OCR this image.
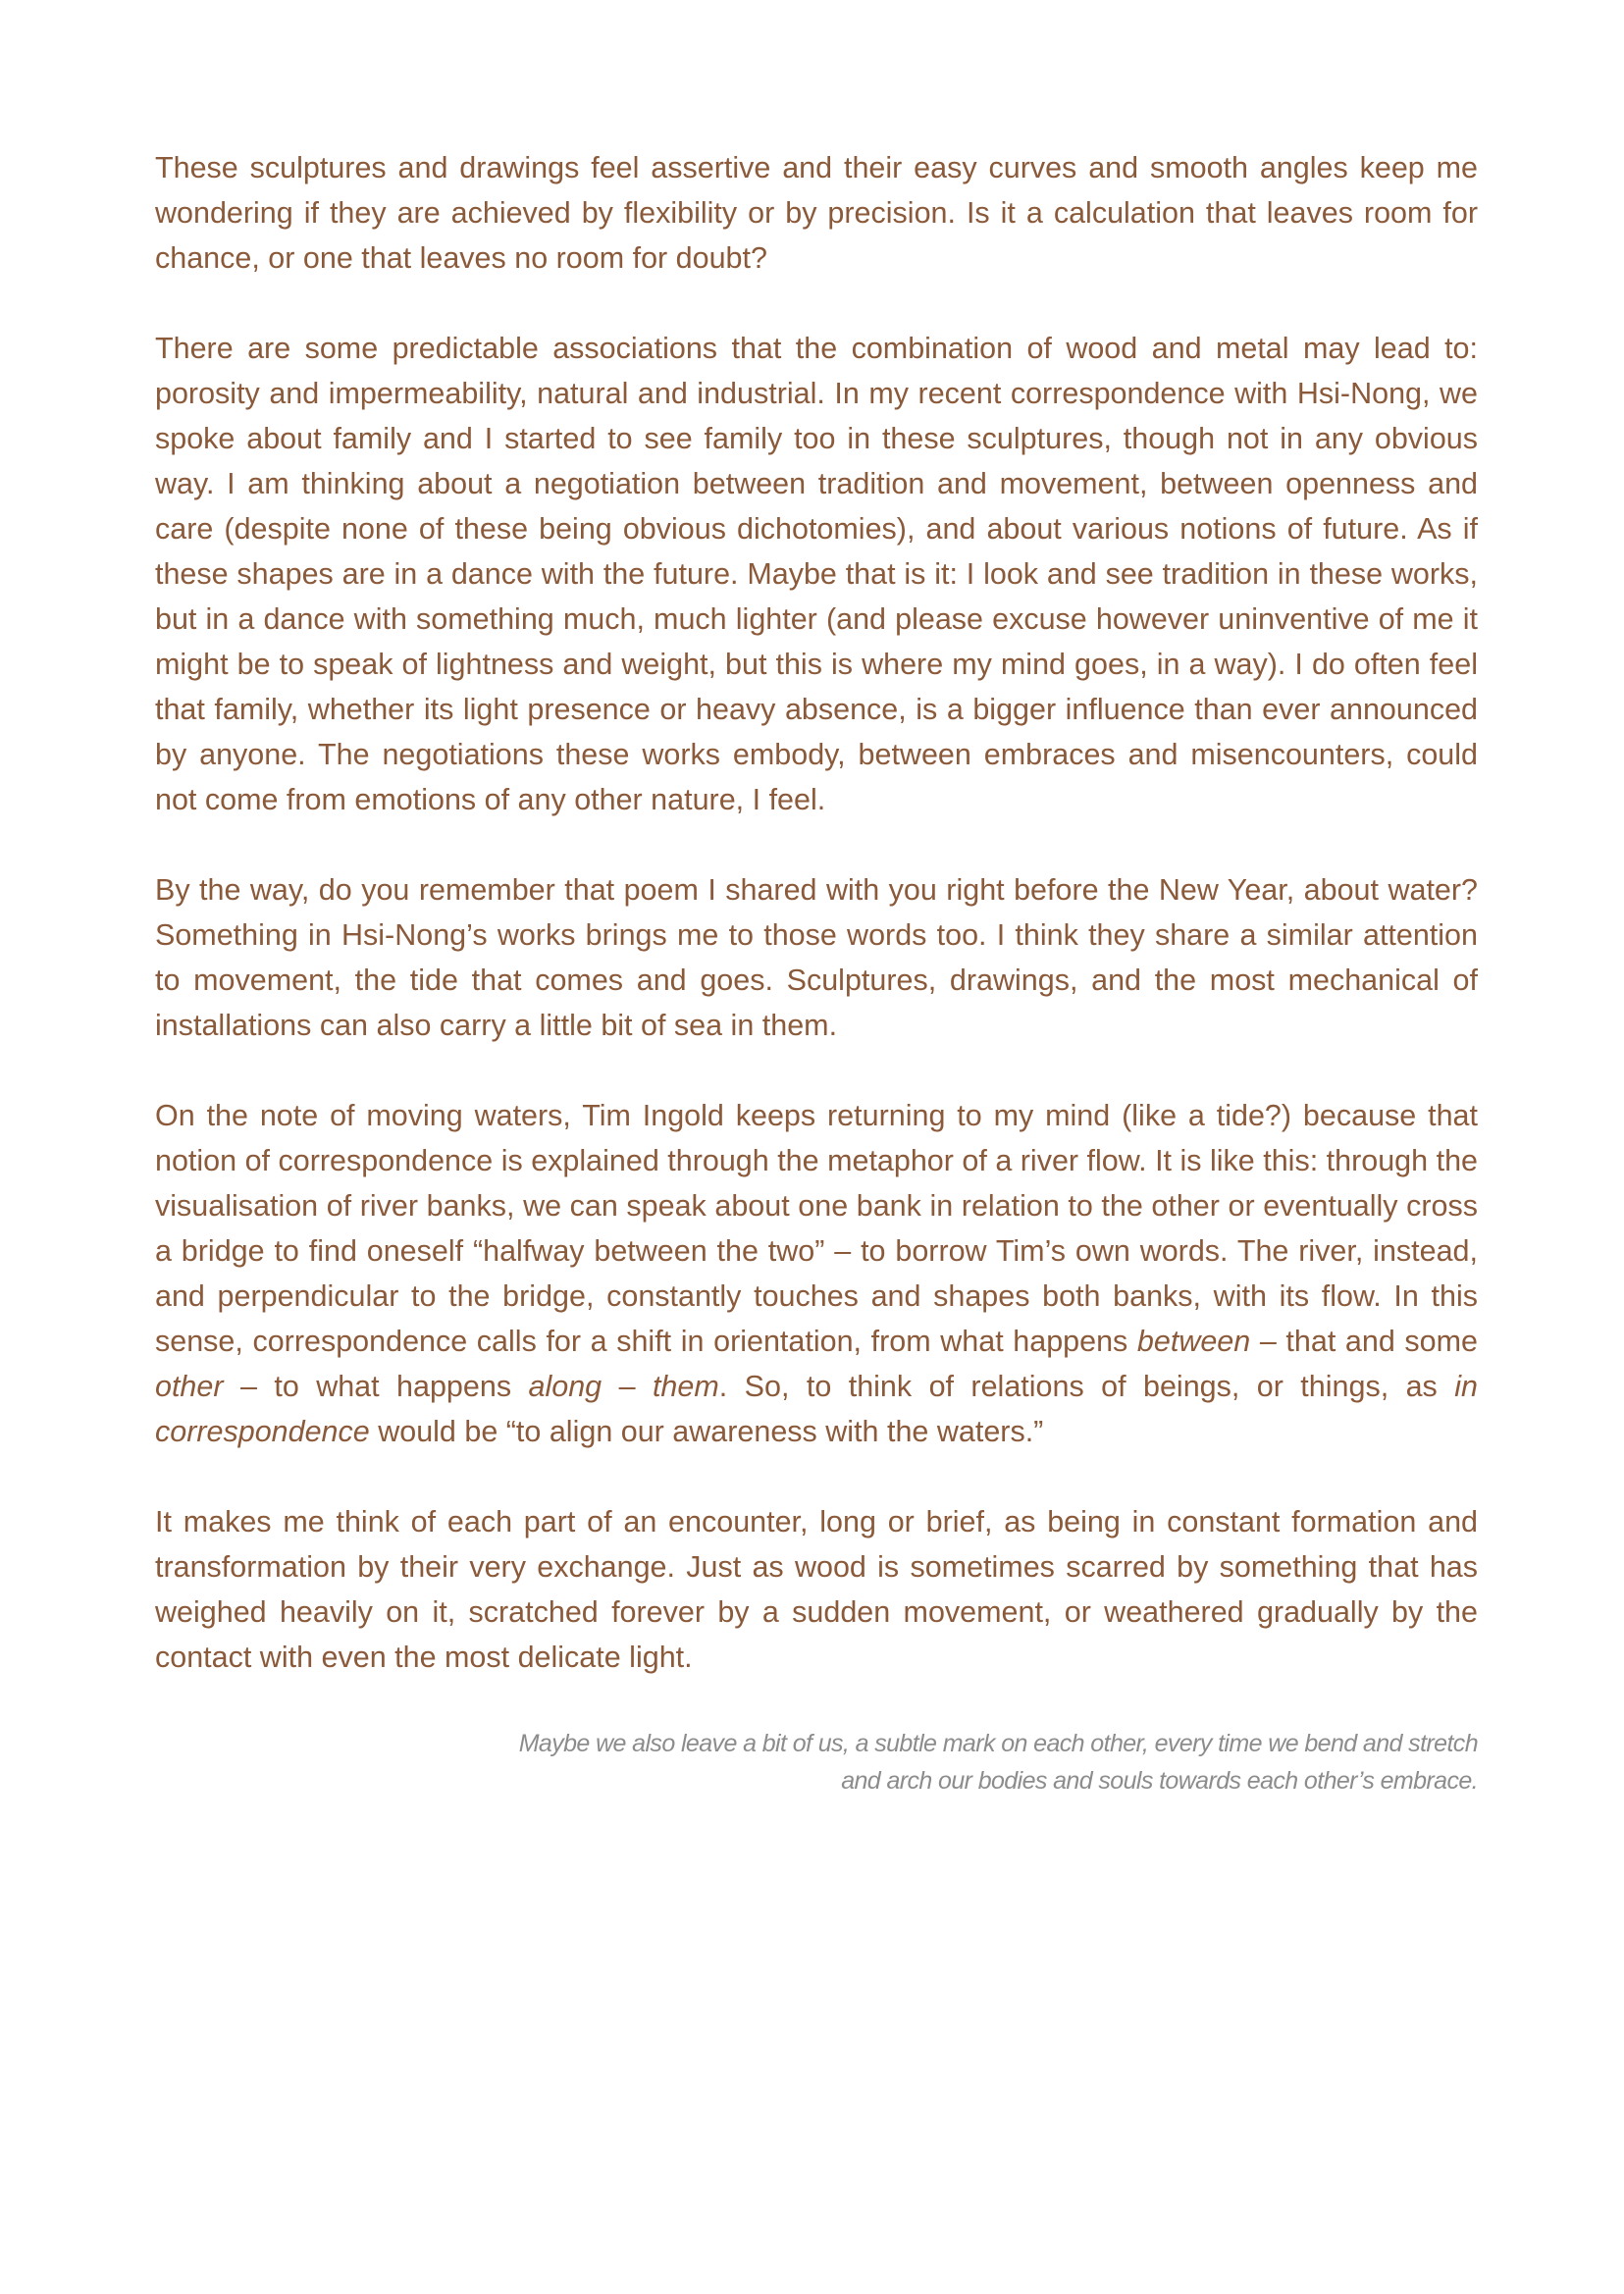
These sculptures and drawings feel assertive and their easy curves and smooth angles keep me wondering if they are achieved by flexibility or by precision. Is it a calculation that leaves room for chance, or one that leaves no room for doubt?

There are some predictable associations that the combination of wood and metal may lead to: porosity and impermeability, natural and industrial. In my recent correspondence with Hsi-Nong, we spoke about family and I started to see family too in these sculptures, though not in any obvious way. I am thinking about a negotiation between tradition and movement, between openness and care (despite none of these being obvious dichotomies), and about various notions of future. As if these shapes are in a dance with the future. Maybe that is it: I look and see tradition in these works, but in a dance with something much, much lighter (and please excuse however uninventive of me it might be to speak of lightness and weight, but this is where my mind goes, in a way). I do often feel that family, whether its light presence or heavy absence, is a bigger influence than ever announced by anyone. The negotiations these works embody, between embraces and misencounters, could not come from emotions of any other nature, I feel.

By the way, do you remember that poem I shared with you right before the New Year, about water? Something in Hsi-Nong’s works brings me to those words too. I think they share a similar attention to movement, the tide that comes and goes. Sculptures, drawings, and the most mechanical of installations can also carry a little bit of sea in them.

On the note of moving waters, Tim Ingold keeps returning to my mind (like a tide?) because that notion of correspondence is explained through the metaphor of a river flow. It is like this: through the visualisation of river banks, we can speak about one bank in relation to the other or eventually cross a bridge to find oneself “halfway between the two” – to borrow Tim’s own words. The river, instead, and perpendicular to the bridge, constantly touches and shapes both banks, with its flow. In this sense, correspondence calls for a shift in orientation, from what happens between – that and some other – to what happens along – them. So, to think of relations of beings, or things, as in correspondence would be “to align our awareness with the waters.”

It makes me think of each part of an encounter, long or brief, as being in constant formation and transformation by their very exchange. Just as wood is sometimes scarred by something that has weighed heavily on it, scratched forever by a sudden movement, or weathered gradually by the contact with even the most delicate light.

Maybe we also leave a bit of us, a subtle mark on each other, every time we bend and stretch
and arch our bodies and souls towards each other’s embrace.
